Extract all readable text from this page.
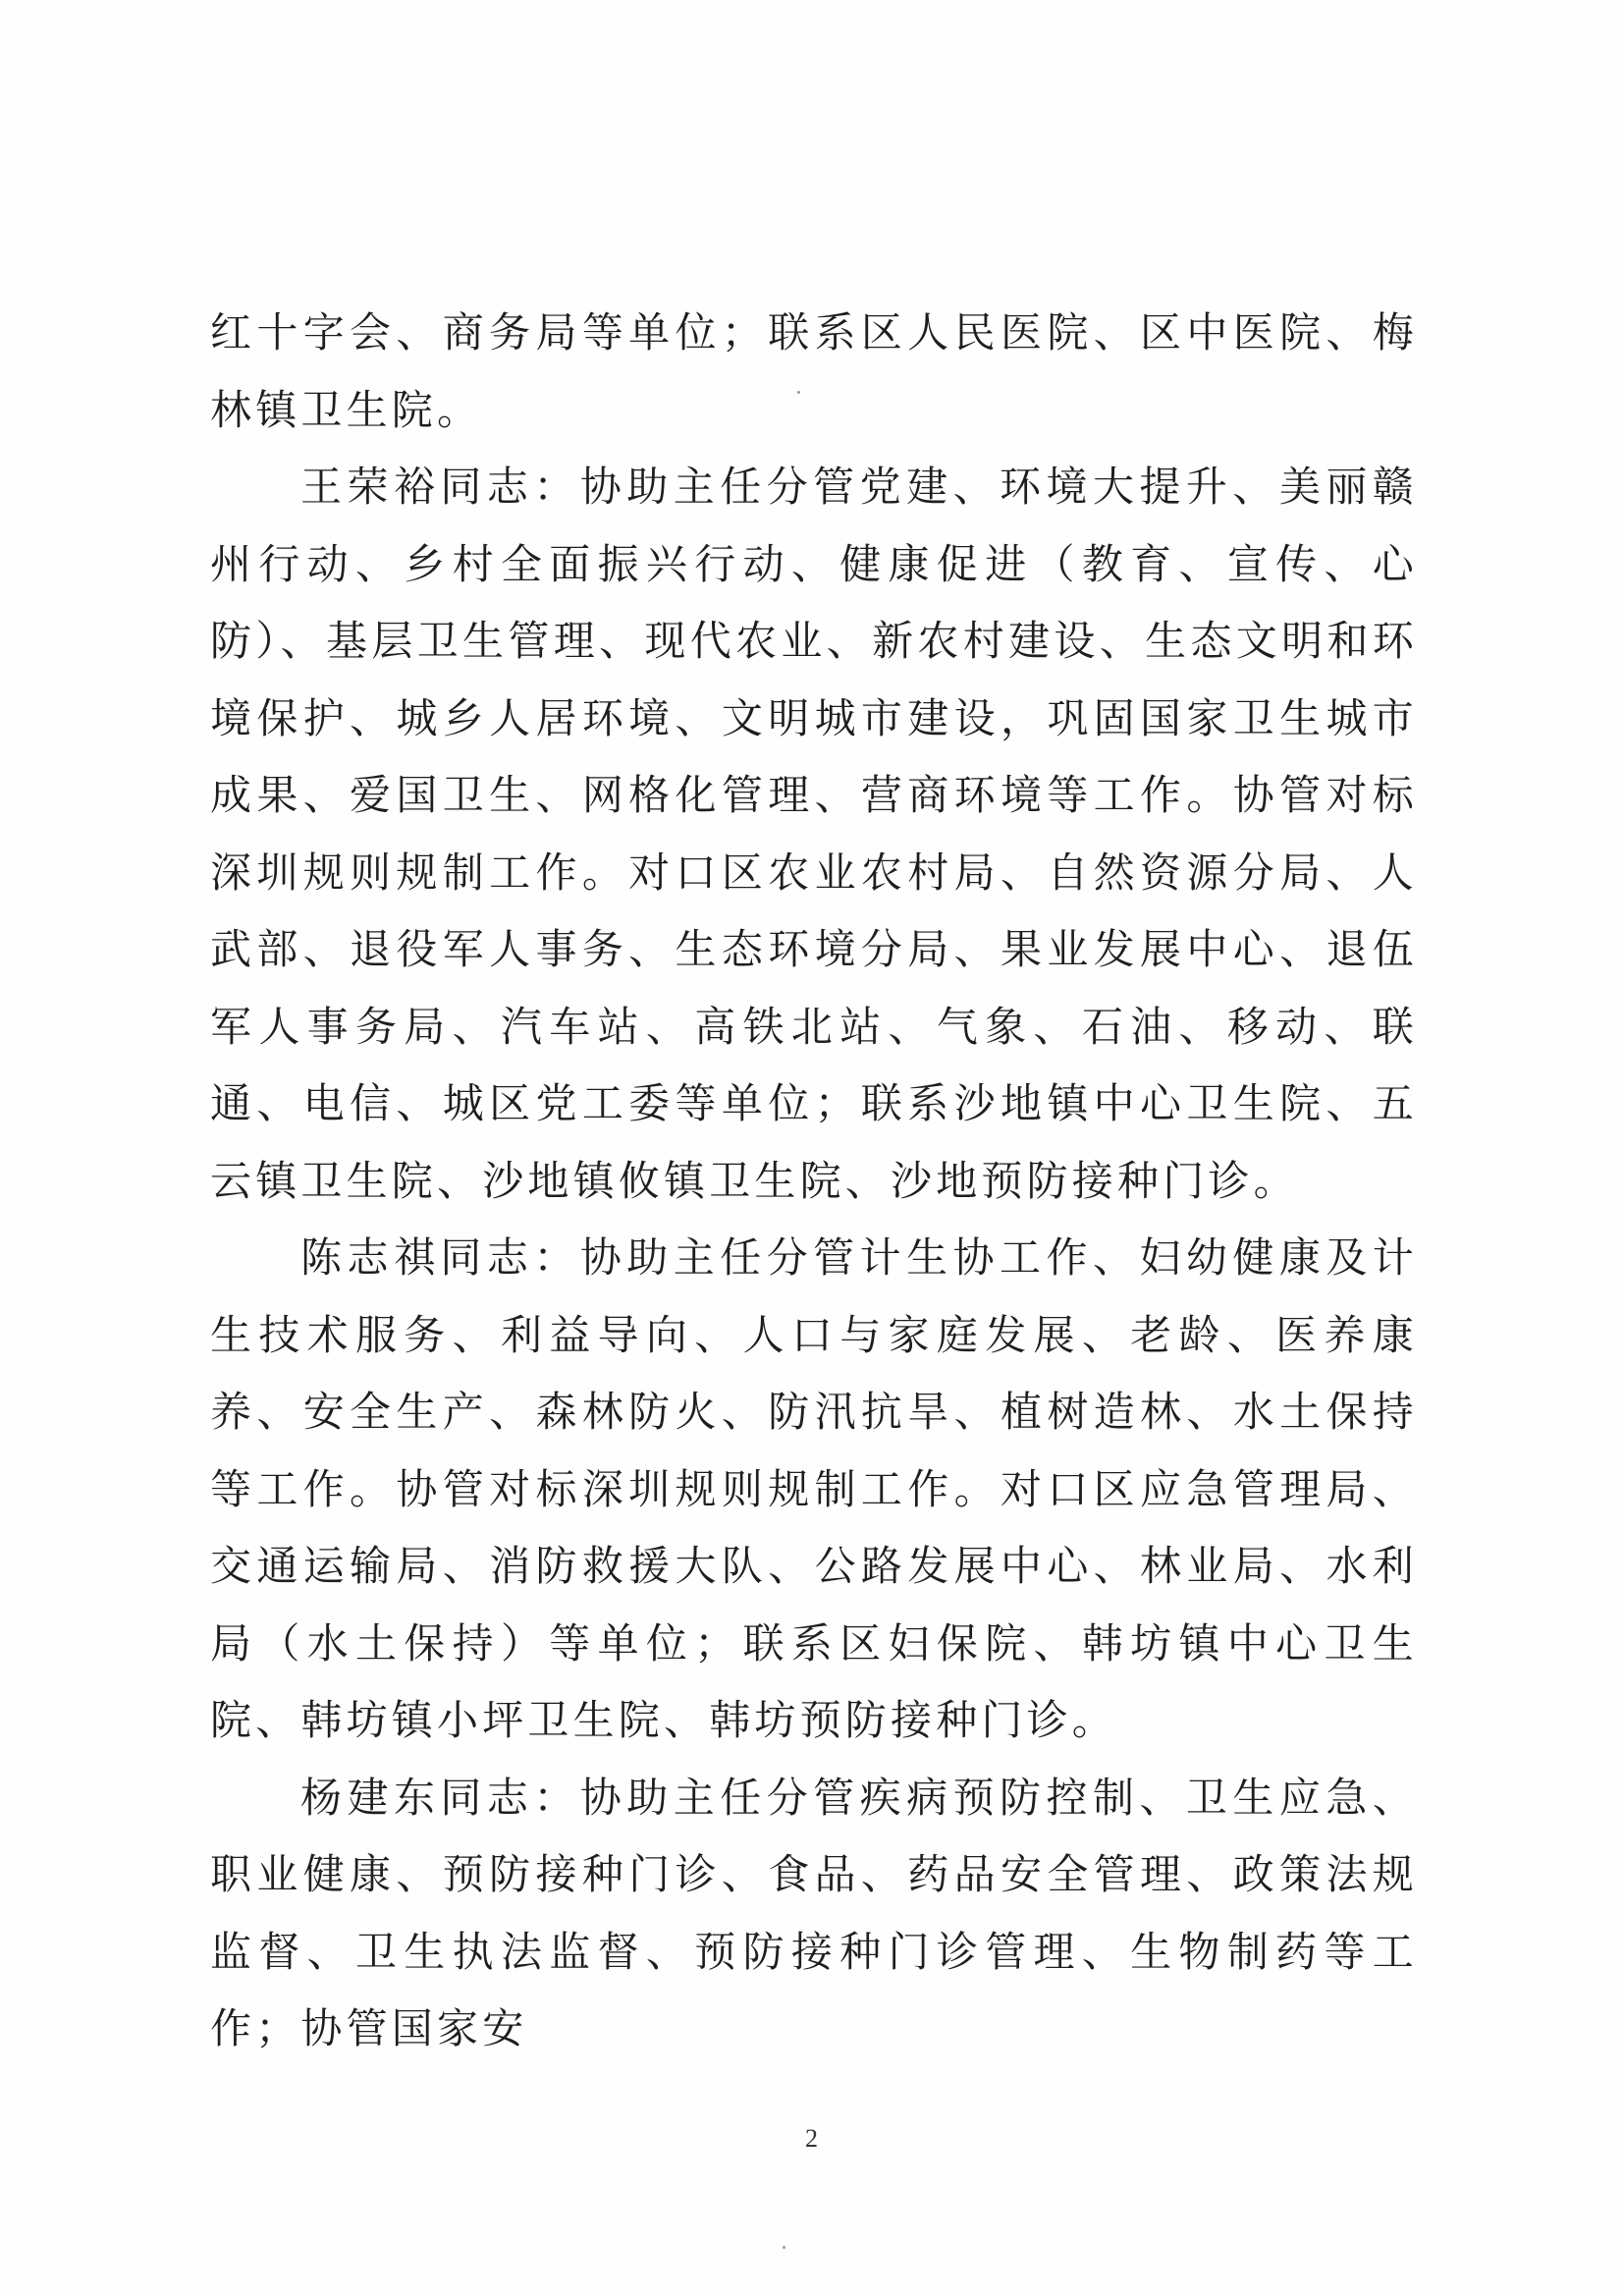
红十字会、商务局等单位；联系区人民医院、区中医院、梅林镇卫生院。

王荣裕同志：协助主任分管党建、环境大提升、美丽赣州行动、乡村全面振兴行动、健康促进（教育、宣传、心防）、基层卫生管理、现代农业、新农村建设、生态文明和环境保护、城乡人居环境、文明城市建设，巩固国家卫生城市成果、爱国卫生、网格化管理、营商环境等工作。协管对标深圳规则规制工作。对口区农业农村局、自然资源分局、人武部、退役军人事务、生态环境分局、果业发展中心、退伍军人事务局、汽车站、高铁北站、气象、石油、移动、联通、电信、城区党工委等单位；联系沙地镇中心卫生院、五云镇卫生院、沙地镇攸镇卫生院、沙地预防接种门诊。

陈志祺同志：协助主任分管计生协工作、妇幼健康及计生技术服务、利益导向、人口与家庭发展、老龄、医养康养、安全生产、森林防火、防汛抗旱、植树造林、水土保持等工作。协管对标深圳规则规制工作。对口区应急管理局、交通运输局、消防救援大队、公路发展中心、林业局、水利局（水土保持）等单位；联系区妇保院、韩坊镇中心卫生院、韩坊镇小坪卫生院、韩坊预防接种门诊。

杨建东同志：协助主任分管疾病预防控制、卫生应急、职业健康、预防接种门诊、食品、药品安全管理、政策法规监督、卫生执法监督、预防接种门诊管理、生物制药等工作；协管国家安

2
